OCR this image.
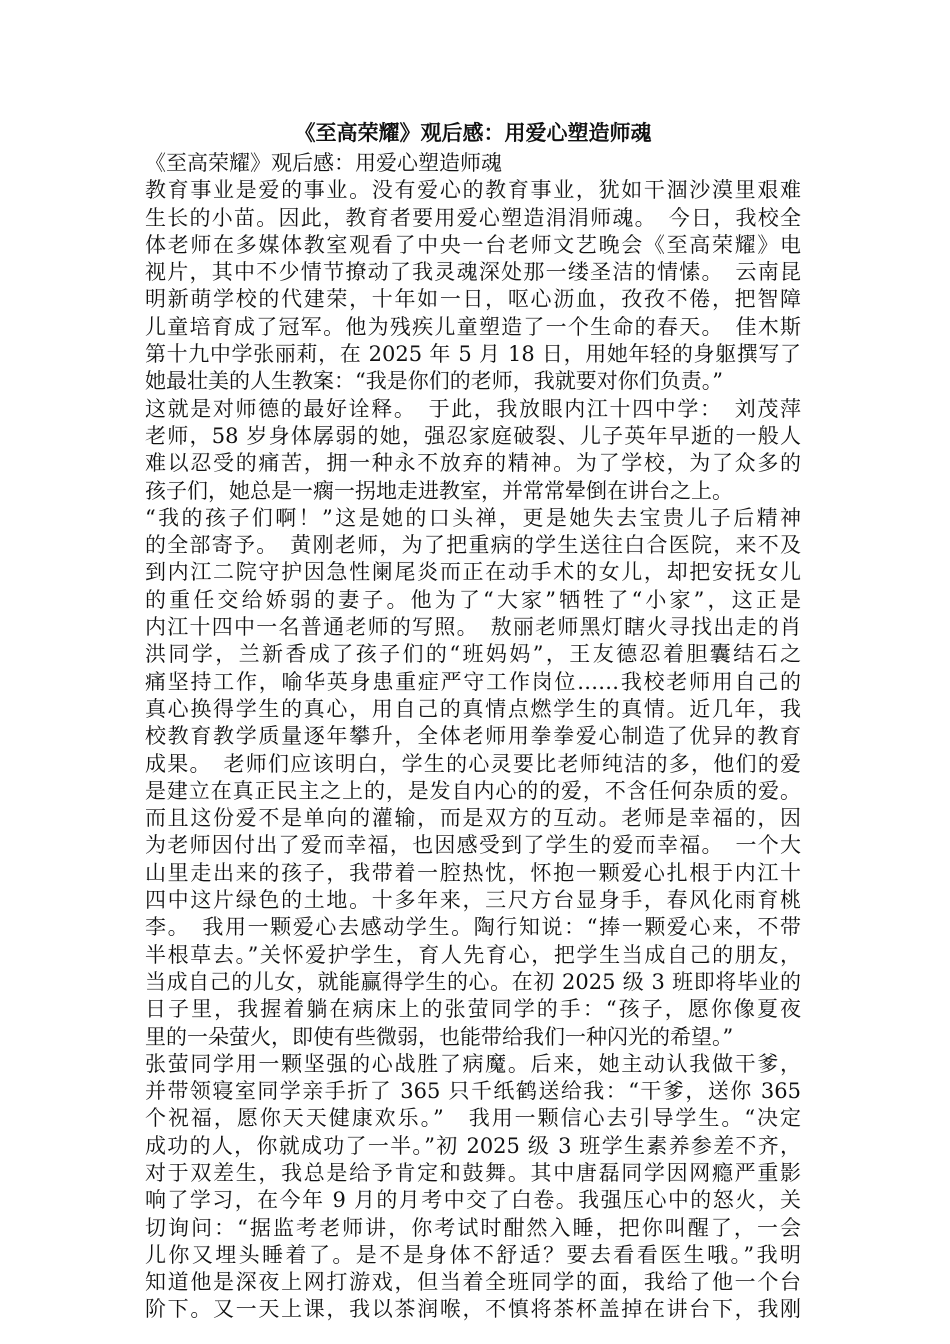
《至高荣耀》观后感：用爱心塑造师魂
《至高荣耀》观后感：用爱心塑造师魂
教育事业是爱的事业。没有爱心的教育事业，犹如干涸沙漠里艰难
生长的小苗。因此，教育者要用爱心塑造涓涓师魂。　今日，我校全
体老师在多媒体教室观看了中央一台老师文艺晚会《至高荣耀》电
视片，其中不少情节撩动了我灵魂深处那一缕圣洁的情愫。　云南昆
明新萌学校的代建荣，十年如一日，呕心沥血，孜孜不倦，把智障
儿童培育成了冠军。他为残疾儿童塑造了一个生命的春天。　佳木斯
第十九中学张丽莉，在 2025 年 5 月 18 日，用她年轻的身躯撰写了
她最壮美的人生教案：“我是你们的老师，我就要对你们负责。”
这就是对师德的最好诠释。　于此，我放眼内江十四中学：　刘茂萍
老师，58 岁身体孱弱的她，强忍家庭破裂、儿子英年早逝的一般人
难以忍受的痛苦，拥一种永不放弃的精神。为了学校，为了众多的
孩子们，她总是一瘸一拐地走进教室，并常常晕倒在讲台之上。
“我的孩子们啊！”这是她的口头禅，更是她失去宝贵儿子后精神
的全部寄予。　黄刚老师，为了把重病的学生送往白合医院，来不及
到内江二院守护因急性阑尾炎而正在动手术的女儿，却把安抚女儿
的重任交给娇弱的妻子。他为了“大家”牺牲了“小家”，这正是
内江十四中一名普通老师的写照。　敖丽老师黑灯瞎火寻找出走的肖
洪同学，兰新香成了孩子们的“班妈妈”，王友德忍着胆囊结石之
痛坚持工作，喻华英身患重症严守工作岗位……我校老师用自己的
真心换得学生的真心，用自己的真情点燃学生的真情。近几年，我
校教育教学质量逐年攀升，全体老师用拳拳爱心制造了优异的教育
成果。　老师们应该明白，学生的心灵要比老师纯洁的多，他们的爱
是建立在真正民主之上的，是发自内心的的爱，不含任何杂质的爱。
而且这份爱不是单向的灌输，而是双方的互动。老师是幸福的，因
为老师因付出了爱而幸福，也因感受到了学生的爱而幸福。　一个大
山里走出来的孩子，我带着一腔热忱，怀抱一颗爱心扎根于内江十
四中这片绿色的土地。十多年来，三尺方台显身手，春风化雨育桃
李。　我用一颗爱心去感动学生。陶行知说：“捧一颗爱心来，不带
半根草去。”关怀爱护学生，育人先育心，把学生当成自己的朋友，
当成自己的儿女，就能赢得学生的心。在初 2025 级 3 班即将毕业的
日子里，我握着躺在病床上的张萤同学的手：“孩子，愿你像夏夜
里的一朵萤火，即使有些微弱，也能带给我们一种闪光的希望。”
张萤同学用一颗坚强的心战胜了病魔。后来，她主动认我做干爹，
并带领寝室同学亲手折了 365 只千纸鹤送给我：“干爹，送你 365
个祝福，愿你天天健康欢乐。”　我用一颗信心去引导学生。“决定
成功的人，你就成功了一半。”初 2025 级 3 班学生素养参差不齐，
对于双差生，我总是给予肯定和鼓舞。其中唐磊同学因网瘾严重影
响了学习，在今年 9 月的月考中交了白卷。我强压心中的怒火，关
切询问：“据监考老师讲，你考试时酣然入睡，把你叫醒了，一会
儿你又埋头睡着了。是不是身体不舒适？要去看看医生哦。”我明
知道他是深夜上网打游戏，但当着全班同学的面，我给了他一个台
阶下。又一天上课，我以茶润喉，不慎将茶杯盖掉在讲台下，我刚
